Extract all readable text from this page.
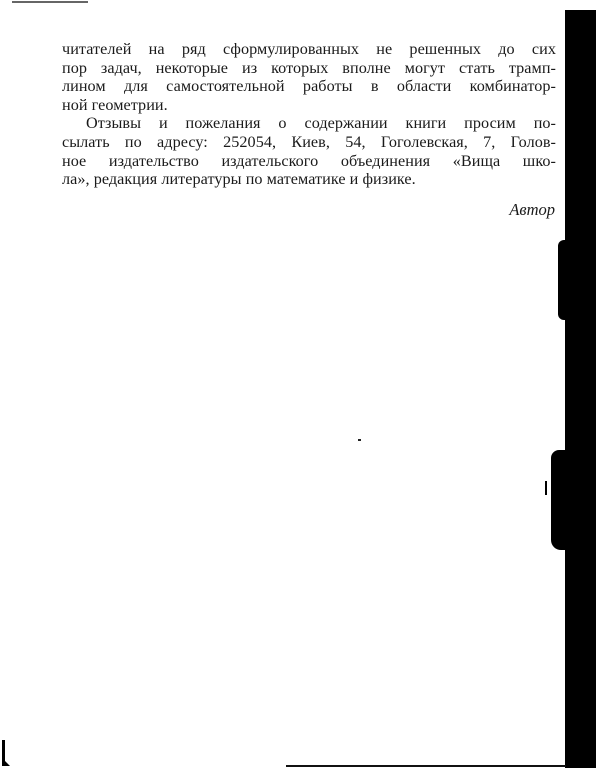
читателей на ряд сформулированных не решенных до сих
пор задач, некоторые из которых вполне могут стать трамп-
лином для самостоятельной работы в области комбинатор-
ной геометрии.

Отзывы и пожелания о содержании книги просим по-
сылать по адресу: 252054, Киев, 54, Гоголевская, 7, Голов-
ное издательство издательского объединения «Вища шко-
ла», редакция литературы по математике и физике.

Автор
